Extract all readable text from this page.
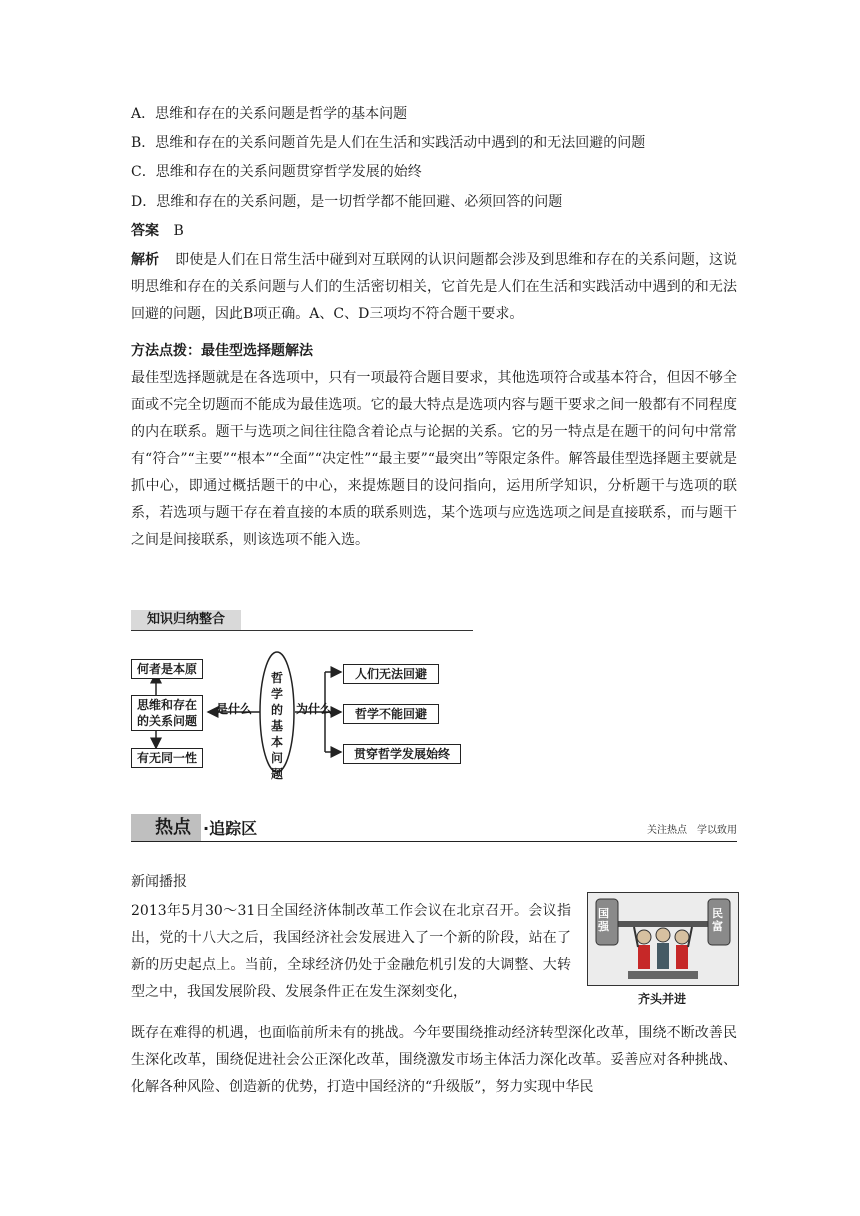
A．思维和存在的关系问题是哲学的基本问题
B．思维和存在的关系问题首先是人们在生活和实践活动中遇到的和无法回避的问题
C．思维和存在的关系问题贯穿哲学发展的始终
D．思维和存在的关系问题，是一切哲学都不能回避、必须回答的问题
答案 B
解析 即使是人们在日常生活中碰到对互联网的认识问题都会涉及到思维和存在的关系问题，这说明思维和存在的关系问题与人们的生活密切相关，它首先是人们在生活和实践活动中遇到的和无法回避的问题，因此B项正确。A、C、D三项均不符合题干要求。
方法点拨：最佳型选择题解法
最佳型选择题就是在各选项中，只有一项最符合题目要求，其他选项符合或基本符合，但因不够全面或不完全切题而不能成为最佳选项。它的最大特点是选项内容与题干要求之间一般都有不同程度的内在联系。题干与选项之间往往隐含着论点与论据的关系。它的另一特点是在题干的问句中常常有“符合”“主要”“根本”“全面”“决定性”“最主要”“最突出”等限定条件。解答最佳型选择题主要就是抓中心，即通过概括题干的中心，来提炼题目的设问指向，运用所学知识，分析题干与选项的联系，若选项与题干存在着直接的本质的联系则选，某个选项与应选选项之间是直接联系，而与题干之间是间接联系，则该选项不能入选。
知识归纳整合
何者是本原
思维和存在的关系问题
有无同一性
是什么
哲学的基本问题
为什么
人们无法回避
哲学不能回避
贯穿哲学发展始终
热点 ·追踪区	关注热点　学以致用
新闻播报
2013年5月30～31日全国经济体制改革工作会议在北京召开。会议指出，党的十八大之后，我国经济社会发展进入了一个新的阶段，站在了新的历史起点上。当前，全球经济仍处于金融危机引发的大调整、大转型之中，我国发展阶段、发展条件正在发生深刻变化，
既存在难得的机遇，也面临前所未有的挑战。今年要围绕推动经济转型深化改革，围绕不断改善民生深化改革，围绕促进社会公正深化改革，围绕激发市场主体活力深化改革。妥善应对各种挑战、化解各种风险、创造新的优势，打造中国经济的“升级版”，努力实现中华民
国强
民富
齐头并进
